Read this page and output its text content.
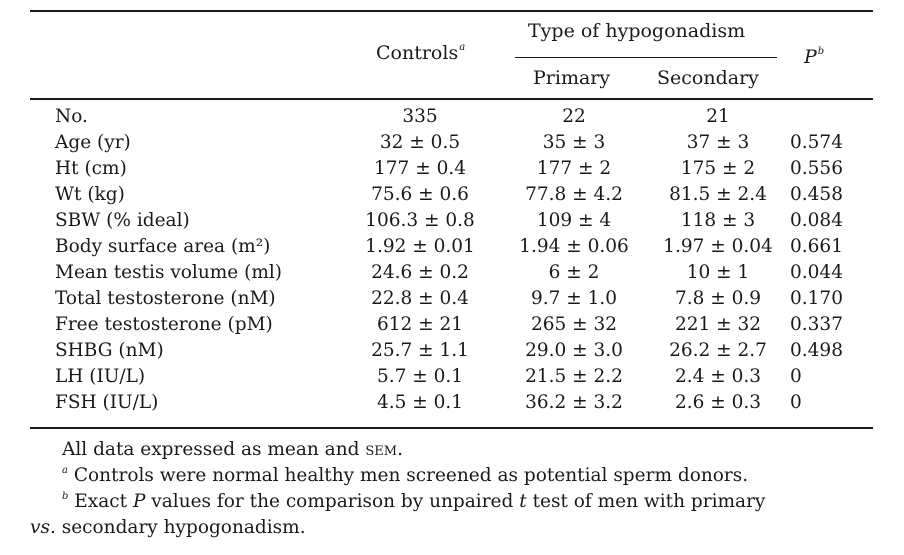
Controls$^a$
Type of hypogonadism
Primary Secondary
$P^b$
No.	335	22	21
Age (yr)	32 ± 0.5	35 ± 3	37 ± 3	0.574
Ht (cm)	177 ± 0.4	177 ± 2	175 ± 2	0.556
Wt (kg)	75.6 ± 0.6	77.8 ± 4.2	81.5 ± 2.4	0.458
SBW (% ideal)	106.3 ± 0.8	109 ± 4	118 ± 3	0.084
Body surface area (m²)	1.92 ± 0.01	1.94 ± 0.06	1.97 ± 0.04 0.661
Mean testis volume (ml)	24.6 ± 0.2	6 ± 2	10 ± 1	0.044
Total testosterone (nM)	22.8 ± 0.4	9.7 ± 1.0	7.8 ± 0.9	0.170
Free testosterone (pM)	612 ± 21	265 ± 32	221 ± 32	0.337
SHBG (nM)	25.7 ± 1.1	29.0 ± 3.0	26.2 ± 2.7	0.498
LH (IU/L)	5.7 ± 0.1	21.5 ± 2.2	2.4 ± 0.3	0
FSH (IU/L)	4.5 ± 0.1	36.2 ± 3.2	2.6 ± 0.3	0
All data expressed as mean and sem.
$^a$ Controls were normal healthy men screened as potential sperm donors.
$^b$ Exact P values for the comparison by unpaired t test of men with primary
vs. secondary hypogonadism.
